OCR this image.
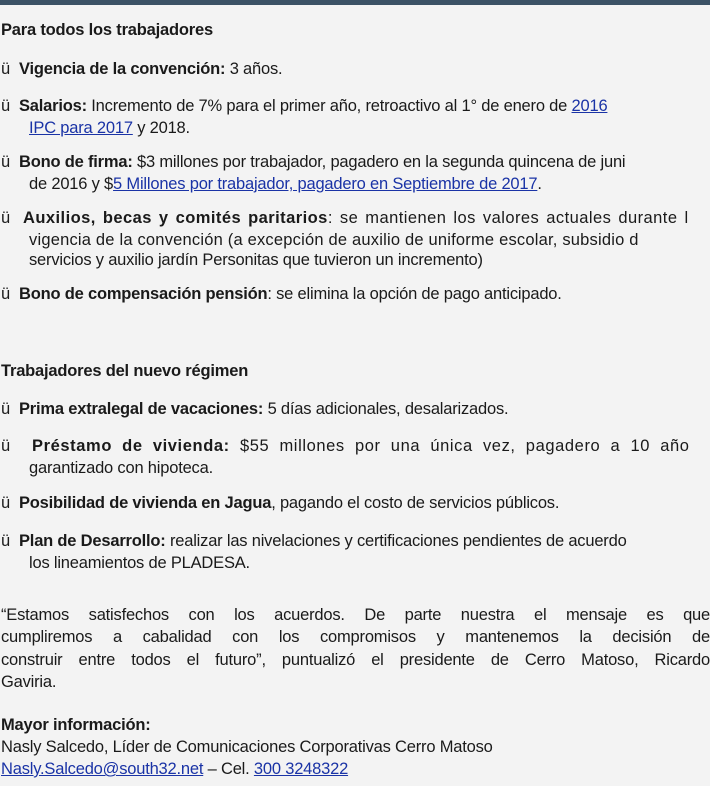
Para todos los trabajadores
ü Vigencia de la convención: 3 años.
ü Salarios: Incremento de 7% para el primer año, retroactivo al 1° de enero de 2016
IPC para 2017 y 2018.
ü Bono de firma: $3 millones por trabajador, pagadero en la segunda quincena de juni
de 2016 y $5 Millones por trabajador, pagadero en Septiembre de 2017.
ü Auxilios, becas y comités paritarios: se mantienen los valores actuales durante l
vigencia de la convención (a excepción de auxilio de uniforme escolar, subsidio d
servicios y auxilio jardín Personitas que tuvieron un incremento)
ü Bono de compensación pensión: se elimina la opción de pago anticipado.
Trabajadores del nuevo régimen
ü Prima extralegal de vacaciones: 5 días adicionales, desalarizados.
ü Préstamo de vivienda: $55 millones por una única vez, pagadero a 10 año
garantizado con hipoteca.
ü Posibilidad de vivienda en Jagua, pagando el costo de servicios públicos.
ü Plan de Desarrollo: realizar las nivelaciones y certificaciones pendientes de acuerdo
los lineamientos de PLADESA.
“Estamos satisfechos con los acuerdos. De parte nuestra el mensaje es que
cumpliremos a cabalidad con los compromisos y mantenemos la decisión de
construir entre todos el futuro”, puntualizó el presidente de Cerro Matoso, Ricardo
Gaviria.
Mayor información:
Nasly Salcedo, Líder de Comunicaciones Corporativas Cerro Matoso
Nasly.Salcedo@south32.net – Cel. 300 3248322
